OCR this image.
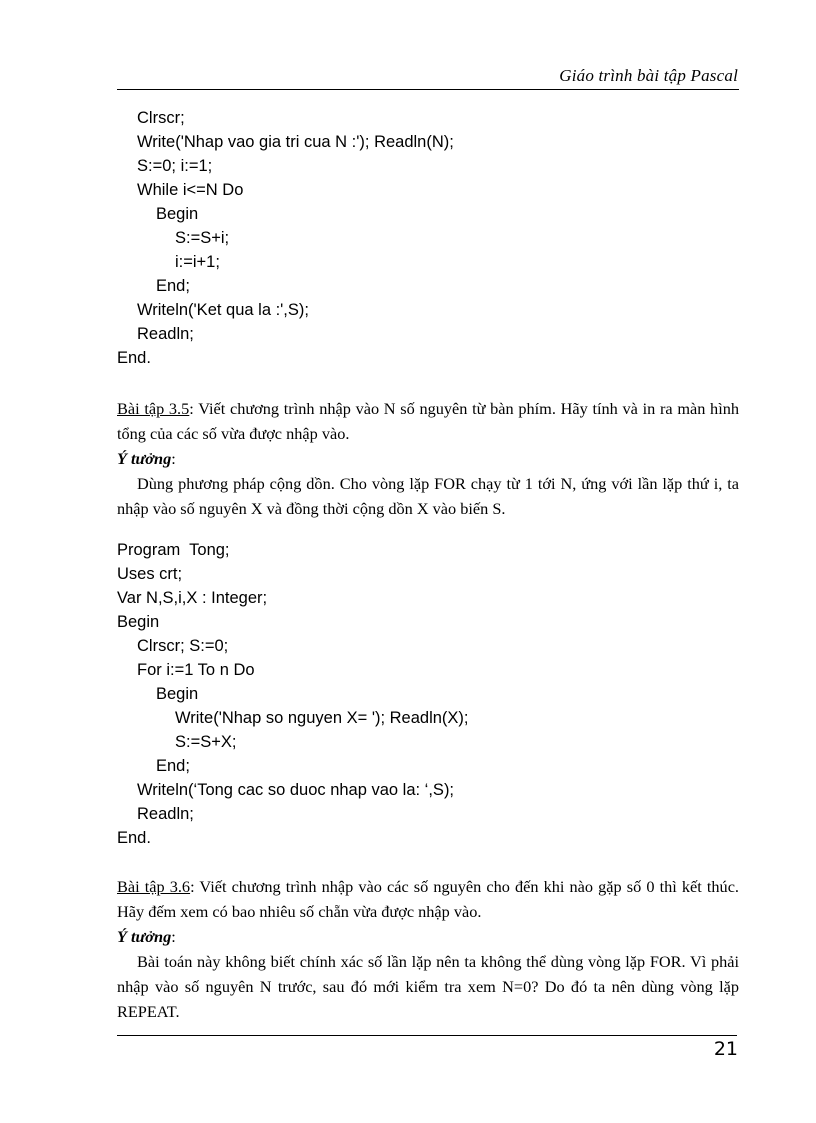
Giáo trình bài tập Pascal
Clrscr;
Write('Nhap vao gia tri cua N :'); Readln(N);
S:=0; i:=1;
While i<=N Do
Begin
S:=S+i;
i:=i+1;
End;
Writeln('Ket qua la :',S);
Readln;
End.

Bài tập 3.5: Viết chương trình nhập vào N số nguyên từ bàn phím. Hãy tính và in ra màn hình tổng của các số vừa được nhập vào.

Ý tưởng:

Dùng phương pháp cộng dồn. Cho vòng lặp FOR chạy từ 1 tới N, ứng với lần lặp thứ i, ta nhập vào số nguyên X và đồng thời cộng dồn X vào biến S.

Program  Tong;
Uses crt;
Var N,S,i,X : Integer;
Begin
Clrscr; S:=0;
For i:=1 To n Do
Begin
Write('Nhap so nguyen X= '); Readln(X);
S:=S+X;
End;
Writeln(‘Tong cac so duoc nhap vao la: ‘,S);
Readln;
End.

Bài tập 3.6: Viết chương trình nhập vào các số nguyên cho đến khi nào gặp số 0 thì kết thúc. Hãy đếm xem có bao nhiêu số chẵn vừa được nhập vào.

Ý tưởng:

Bài toán này không biết chính xác số lần lặp nên ta không thể dùng vòng lặp FOR. Vì phải nhập vào số nguyên N trước, sau đó mới kiểm tra xem N=0? Do đó ta nên dùng vòng lặp REPEAT.

21
